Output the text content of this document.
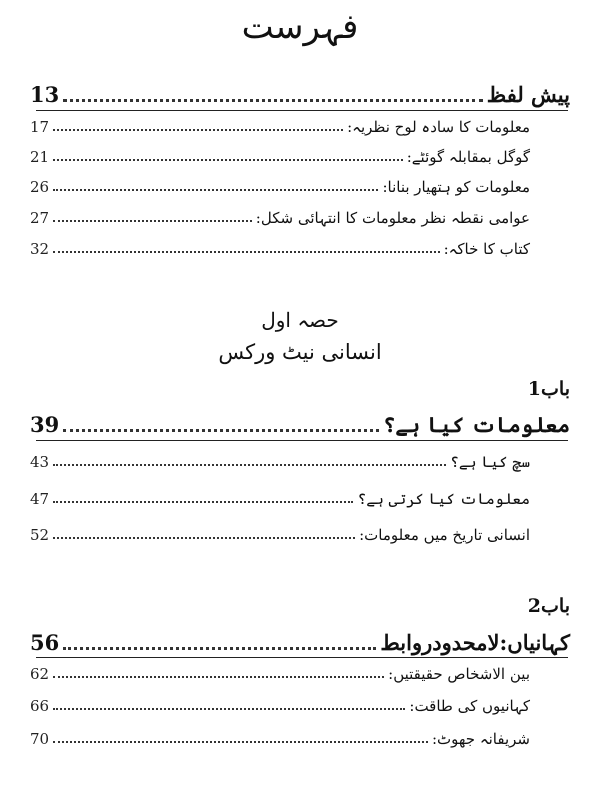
فہرست
پیش لفظ
13
معلومات کا سادہ لوح نظریہ:
17
گوگل بمقابلہ گوئٹے:
21
معلومات کو ہتھیار بنانا:
26
عوامی نقطہ نظر معلومات کا انتہائی شکل:
27
کتاب کا خاکہ:
32
حصہ اول
انسانی نیٹ ورکس
باب1
معلومات کیا ہے؟
39
سچ کیا ہے؟
43
معلومات کیا کرتی ہے؟
47
انسانی تاریخ میں معلومات:
52
باب2
کہانیاں:لامحدودروابط
56
بین الاشخاص حقیقتیں:
62
کہانیوں کی طاقت:
66
شریفانہ جھوٹ:
70
